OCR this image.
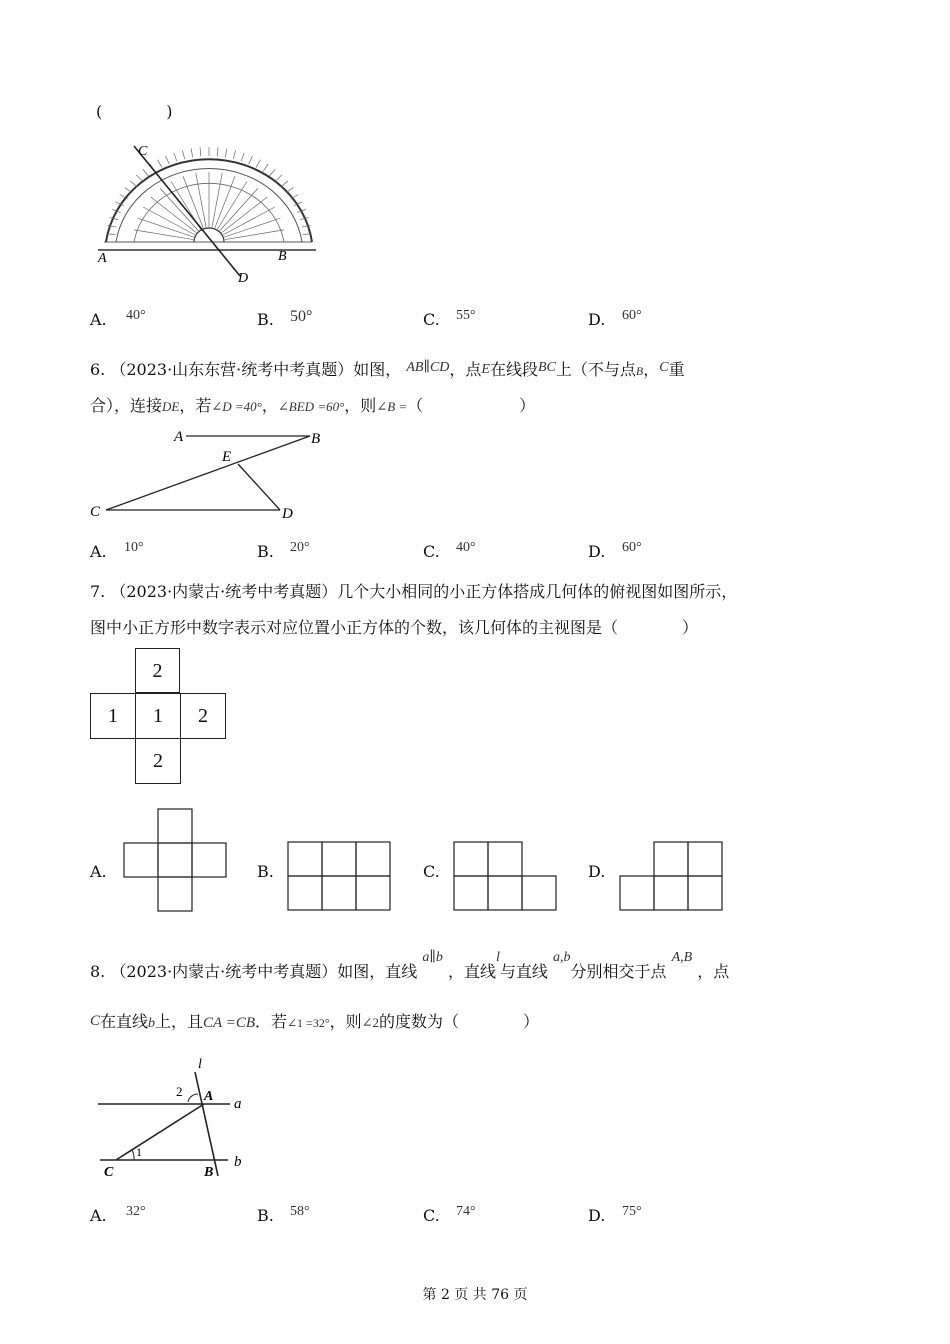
(　　　　)
C
A	B
D
A. 40°	B. 50°	C. 55°	D. 60°
6. （2023·山东东营·统考中考真题）如图， AB∥CD，点E在线段BC上（不与点B，C重
合），连接DE，若∠D =40°，∠BED =60°，则∠B =（　　　　　　）
A	B
E
C	D
A. 10°	B. 20°	C. 40°	D. 60°
7. （2023·内蒙古·统考中考真题）几个大小相同的小正方体搭成几何体的俯视图如图所示，
图中小正方形中数字表示对应位置小正方体的个数，该几何体的主视图是（　　　　）
2
1	1	2
2
A.	B.	C.	D.
8. （2023·内蒙古·统考中考真题）如图，直线 a∥b ，直线l与直线 a,b分别相交于点 A,B ，点
C在直线b上，且CA =CB．若∠1 =32°，则∠2的度数为（　　　　）
l
2 A a
1
C	B
b
A. 32°	B. 58°	C. 74°	D. 75°
第 2 页 共 76 页
